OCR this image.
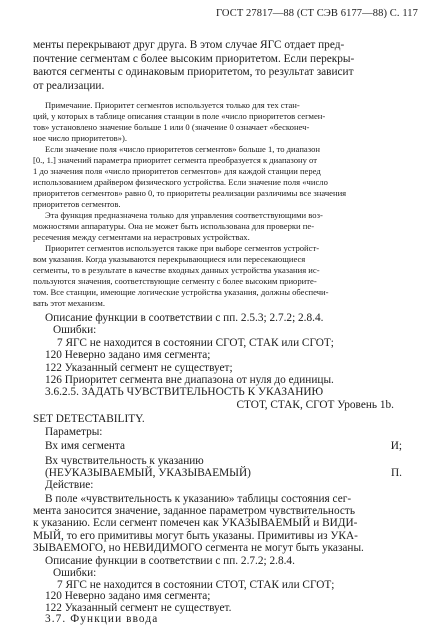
ГОСТ 27817—88 (СТ СЭВ 6177—88) С. 117
менты перекрывают друг друга. В этом случае ЯГС отдает пред-
почтение сегментам с более высоким приоритетом. Если перекры-
ваются сегменты с одинаковым приоритетом, то результат зависит
от реализации.
Примечание. Приоритет сегментов используется только для тех стан-
ций, у которых в таблице описания станции в поле «число приоритетов сегмен-
тов» установлено значение больше 1 или 0 (значение 0 означает «бесконеч-
ное число приоритетов»).
Если значение поля «число приоритетов сегментов» больше 1, то диапазон
[0., 1.] значений параметра приоритет сегмента преобразуется к диапазону от
1 до значения поля «число приоритетов сегментов» для каждой станции перед
использованием драйвером физического устройства. Если значение поля «число
приоритетов сегментов» равно 0, то приоритеты реализации различимы все значения
приоритетов сегментов.
Эта функция предназначена только для управления соответствующими воз-
можностями аппаратуры. Она не может быть использована для проверки пе-
ресечения между сегментами на нерастровых устройствах.
Приоритет сегментов используется также при выборе сегментов устройст-
вом указания. Когда указываются перекрывающиеся или пересекающиеся
сегменты, то в результате в качестве входных данных устройства указания ис-
пользуются значения, соответствующие сегменту с более высоким приорите-
том. Все станции, имеющие логические устройства указания, должны обеспечи-
вать этот механизм.
Описание функции в соответствии с пп. 2.5.3; 2.7.2; 2.8.4.
Ошибки:
7 ЯГС не находится в состоянии СГОТ, СТАК или СГОТ;
120 Неверно задано имя сегмента;
122 Указанный сегмент не существует;
126 Приоритет сегмента вне диапазона от нуля до единицы.
3.6.2.5. ЗАДАТЬ ЧУВСТВИТЕЛЬНОСТЬ К УКАЗАНИЮ
СТОТ, СТАК, СГОТ Уровень 1b.
SET DETECTABILITY.
Параметры:
Вх имя сегмента	И;
Вх чувствительность к указанию
(НЕУКАЗЫВАЕМЫЙ, УКАЗЫВАЕМЫЙ)	П.
Действие:
В поле «чувствительность к указанию» таблицы состояния сег-
мента заносится значение, заданное параметром чувствительность
к указанию. Если сегмент помечен как УКАЗЫВАЕМЫЙ и ВИДИ-
МЫЙ, то его примитивы могут быть указаны. Примитивы из УКА-
ЗЫВАЕМОГО, но НЕВИДИМОГО сегмента не могут быть указаны.
Описание функции в соответствии с пп. 2.7.2; 2.8.4.
Ошибки:
7 ЯГС не находится в состоянии СТОТ, СТАК или СГОТ;
120 Неверно задано имя сегмента;
122 Указанный сегмент не существует.
3.7. Функции ввода
